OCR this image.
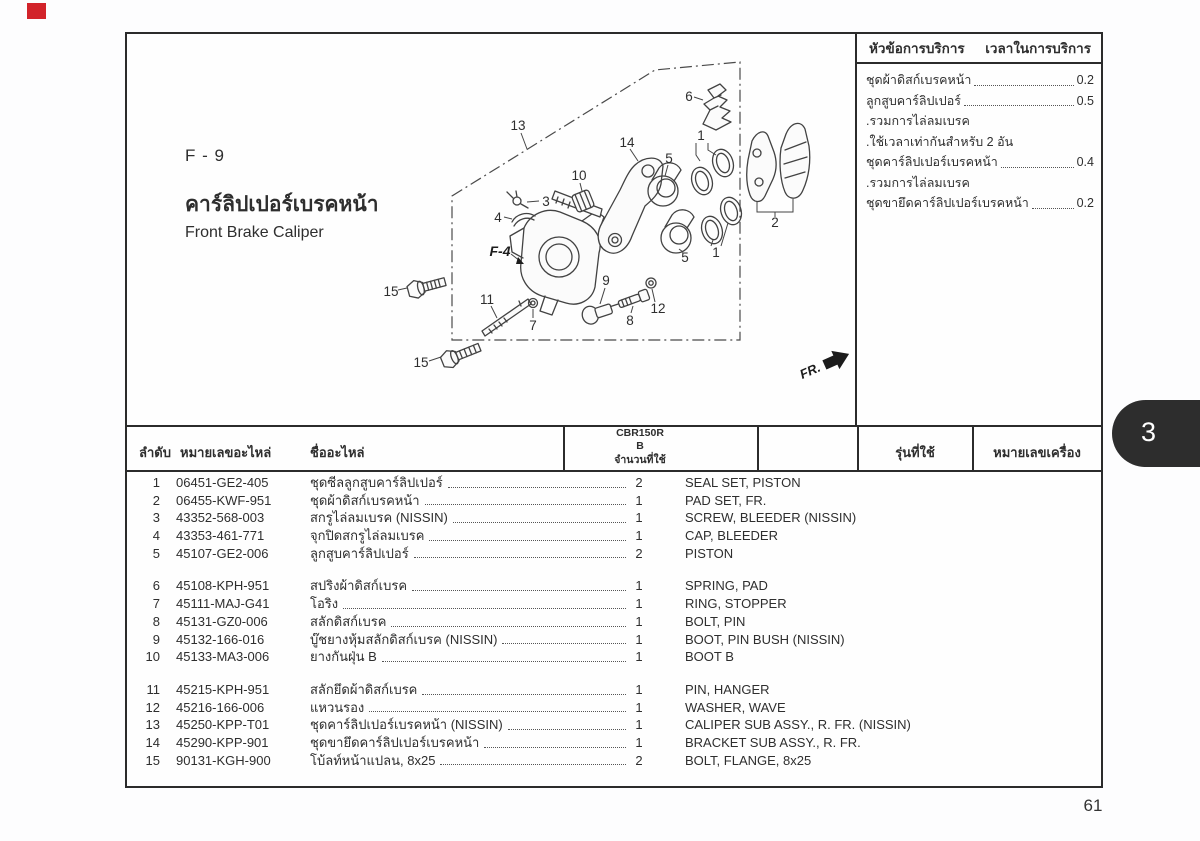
หัวข้อการบริการ เวลาในการบริการ
ชุดผ้าดิสก์เบรคหน้า	0.2
ลูกสูบคาร์ลิปเปอร์	0.5
.รวมการไล่ลมเบรค
.ใช้เวลาเท่ากันสำหรับ 2 อัน
ชุดคาร์ลิปเปอร์เบรคหน้า	0.4
.รวมการไล่ลมเบรค
ชุดขายึดคาร์ลิปเปอร์เบรคหน้า	0.2
F - 9
คาร์ลิปเปอร์เบรคหน้า
Front Brake Caliper
1
1
2
3
4
5
5
6
7	8
9
10
11
12
13
14
15
15
F-4
FR.
ลำดับ หมายเลขอะไหล่	ชื่ออะไหล่
CBR150R
B
จำนวนที่ใช้	รุ่นที่ใช้	หมายเลขเครื่อง
1 06451-GE2-405	ชุดซีลลูกสูบคาร์ลิปเปอร์	2	SEAL SET, PISTON
2 06455-KWF-951	ชุดผ้าดิสก์เบรคหน้า	1	PAD SET, FR.
3 43352-568-003	สกรูไล่ลมเบรค (NISSIN)	1	SCREW, BLEEDER (NISSIN)
4 43353-461-771	จุกปิดสกรูไล่ลมเบรค	1	CAP, BLEEDER
5 45107-GE2-006	ลูกสูบคาร์ลิปเปอร์	2	PISTON
6 45108-KPH-951	สปริงผ้าดิสก์เบรค	1	SPRING, PAD
7 45111-MAJ-G41	โอริง	1	RING, STOPPER
8 45131-GZ0-006	สลักดิสก์เบรค	1	BOLT, PIN
9 45132-166-016	บู๊ชยางหุ้มสลักดิสก์เบรค (NISSIN)	1	BOOT, PIN BUSH (NISSIN)
10 45133-MA3-006	ยางกันฝุ่น B	1	BOOT B
11 45215-KPH-951	สลักยึดผ้าดิสก์เบรค	1	PIN, HANGER
12 45216-166-006	แหวนรอง	1	WASHER, WAVE
13 45250-KPP-T01	ชุดคาร์ลิปเปอร์เบรคหน้า (NISSIN)	1	CALIPER SUB ASSY., R. FR. (NISSIN)
14 45290-KPP-901	ชุดขายึดคาร์ลิปเปอร์เบรคหน้า	1	BRACKET SUB ASSY., R. FR.
15 90131-KGH-900	โบ้ลท์หน้าแปลน, 8x25	2	BOLT, FLANGE, 8x25
3
61
